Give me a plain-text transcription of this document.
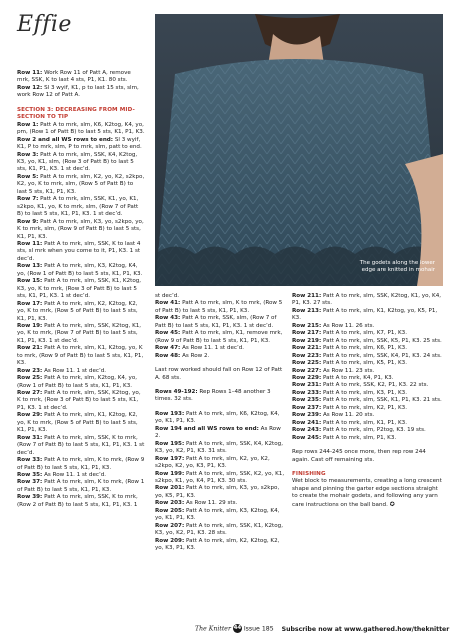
Effie
The godets along the lower edge are knitted in mohair

Row 11: Work Row 11 of Patt A, remove mrk, SSK, K to last 4 sts, P1, K1. 80 sts.

Row 12: Sl 3 wyif, K1, p to last 15 sts, slm, work Row 12 of Patt A.

SECTION 3: DECREASING FROM MID-SECTION TO TIP

Row 1: Patt A to mrk, slm, K6, K2tog, K4, yo, pm, (Row 1 of Patt B) to last 5 sts, K1, P1, K3.

Row 2 and all WS rows to end: Sl 3 wyif, K1, P to mrk, slm, P to mrk, slm, patt to end.

Row 3: Patt A to mrk, slm, SSK, K4, K2tog, K3, yo, K1, slm, (Row 3 of Patt B) to last 5 sts, K1, P1, K3. 1 st dec’d.

Row 5: Patt A to mrk, slm, K2, yo, K2, s2kpo, K2, yo, K to mrk, slm, (Row 5 of Patt B) to last 5 sts, K1, P1, K3.

Row 7: Patt A to mrk, slm, SSK, K1, yo, K1, s2kpo, K1, yo, K to mrk, slm, (Row 7 of Patt B) to last 5 sts, K1, P1, K3. 1 st dec’d.

Row 9: Patt A to mrk, slm, K3, yo, s2kpo, yo, K to mrk, slm, (Row 9 of Patt B) to last 5 sts, K1, P1, K3.

Row 11: Patt A to mrk, slm, SSK, K to last 4 sts, sl mrk when you come to it, P1, K3. 1 st dec’d.

Row 13: Patt A to mrk, slm, K3, K2tog, K4, yo, (Row 1 of Patt B) to last 5 sts, K1, P1, K3.

Row 15: Patt A to mrk, slm, SSK, K1, K2tog, K3, yo, K to mrk, (Row 3 of Patt B) to last 5 sts, K1, P1, K3. 1 st dec’d.

Row 17: Patt A to mrk, slm, K2, K2tog, K2, yo, K to mrk, (Row 5 of Patt B) to last 5 sts, K1, P1, K3.

Row 19: Patt A to mrk, slm, SSK, K2tog, K1, yo, K to mrk, (Row 7 of Patt B) to last 5 sts, K1, P1, K3. 1 st dec’d.

Row 21: Patt A to mrk, slm, K1, K2tog, yo, K to mrk, (Row 9 of Patt B) to last 5 sts, K1, P1, K3.

Row 23: As Row 11. 1 st dec’d.

Row 25: Patt A to mrk, slm, K2tog, K4, yo, (Row 1 of Patt B) to last 5 sts, K1, P1, K3.

Row 27: Patt A to mrk, slm, SSK, K2tog, yo, K to mrk, (Row 3 of Patt B) to last 5 sts, K1, P1, K3. 1 st dec’d.

Row 29: Patt A to mrk, slm, K1, K2tog, K2, yo, K to mrk, (Row 5 of Patt B) to last 5 sts, K1, P1, K3.

Row 31: Patt A to mrk, slm, SSK, K to mrk, (Row 7 of Patt B) to last 5 sts, K1, P1, K3. 1 st dec’d.

Row 33: Patt A to mrk, slm, K to mrk, (Row 9 of Patt B) to last 5 sts, K1, P1, K3.

Row 35: As Row 11. 1 st dec’d.

Row 37: Patt A to mrk, slm, K to mrk, (Row 1 of Patt B) to last 5 sts, K1, P1, K3.

Row 39: Patt A to mrk, slm, SSK, K to mrk, (Row 2 of Patt B) to last 5 sts, K1, P1, K3. 1

st dec’d.

Row 41: Patt A to mrk, slm, K to mrk, (Row 5 of Patt B) to last 5 sts, K1, P1, K3.

Row 43: Patt A to mrk, SSK, slm, (Row 7 of Patt B) to last 5 sts, K1, P1, K3. 1 st dec’d.

Row 45: Patt A to mrk, slm, K1, remove mrk, (Row 9 of Patt B) to last 5 sts, K1, P1, K3.

Row 47: As Row 11. 1 st dec’d.

Row 48: As Row 2.

Last row worked should fall on Row 12 of Patt A. 68 sts.

Rows 49-192: Rep Rows 1–48 another 3 times. 32 sts.

Row 193: Patt A to mrk, slm, K6, K2tog, K4, yo, K1, P1, K3.

Row 194 and all WS rows to end: As Row 2.

Row 195: Patt A to mrk, slm, SSK, K4, K2tog, K3, yo, K2, P1, K3. 31 sts.

Row 197: Patt A to mrk, slm, K2, yo, K2, s2kpo, K2, yo, K3, P1, K3.

Row 199: Patt A to mrk, slm, SSK, K2, yo, K1, s2kpo, K1, yo, K4, P1, K3. 30 sts.

Row 201: Patt A to mrk, slm, K3, yo, s2kpo, yo, K5, P1, K3.

Row 203: As Row 11. 29 sts.

Row 205: Patt A to mrk, slm, K3, K2tog, K4, yo, K1, P1, K3.

Row 207: Patt A to mrk, slm, SSK, K1, K2tog, K3, yo, K2, P1, K3. 28 sts.

Row 209: Patt A to mrk, slm, K2, K2tog, K2, yo, K3, P1, K3.

Row 211: Patt A to mrk, slm, SSK, K2tog, K1, yo, K4, P1, K3. 27 sts.

Row 213: Patt A to mrk, slm, K1, K2tog, yo, K5, P1, K3.

Row 215: As Row 11. 26 sts.

Row 217: Patt A to mrk, slm, K7, P1, K3.

Row 219: Patt A to mrk, slm, SSK, K5, P1, K3. 25 sts.

Row 221: Patt A to mrk, slm, K6, P1, K3.

Row 223: Patt A to mrk, slm, SSK, K4, P1, K3. 24 sts.

Row 225: Patt A to mrk, slm, K5, P1, K3.

Row 227: As Row 11. 23 sts.

Row 229: Patt A to mrk, K4, P1, K3.

Row 231: Patt A to mrk, SSK, K2, P1, K3. 22 sts.

Row 233: Patt A to mrk, slm, K3, P1, K3.

Row 235: Patt A to mrk, slm, SSK, K1, P1, K3. 21 sts.

Row 237: Patt A to mrk, slm, K2, P1, K3.

Row 239: As Row 11. 20 sts.

Row 241: Patt A to mrk, slm, K1, P1, K3.

Row 243: Patt A to mrk, slm, P2tog, K3. 19 sts.

Row 245: Patt A to mrk, slm, P1, K3.

Rep rows 244-245 once more, then rep row 244 again. Cast off remaining sts.

FINISHING

Wet block to measurements, creating a long crescent shape and pinning the garter edge sections straight to create the mohair godets, and following any yarn care instructions on the ball band. ✪

The Knitter 44 Issue 185 Subscribe now at www.gathered.how/theknitter
